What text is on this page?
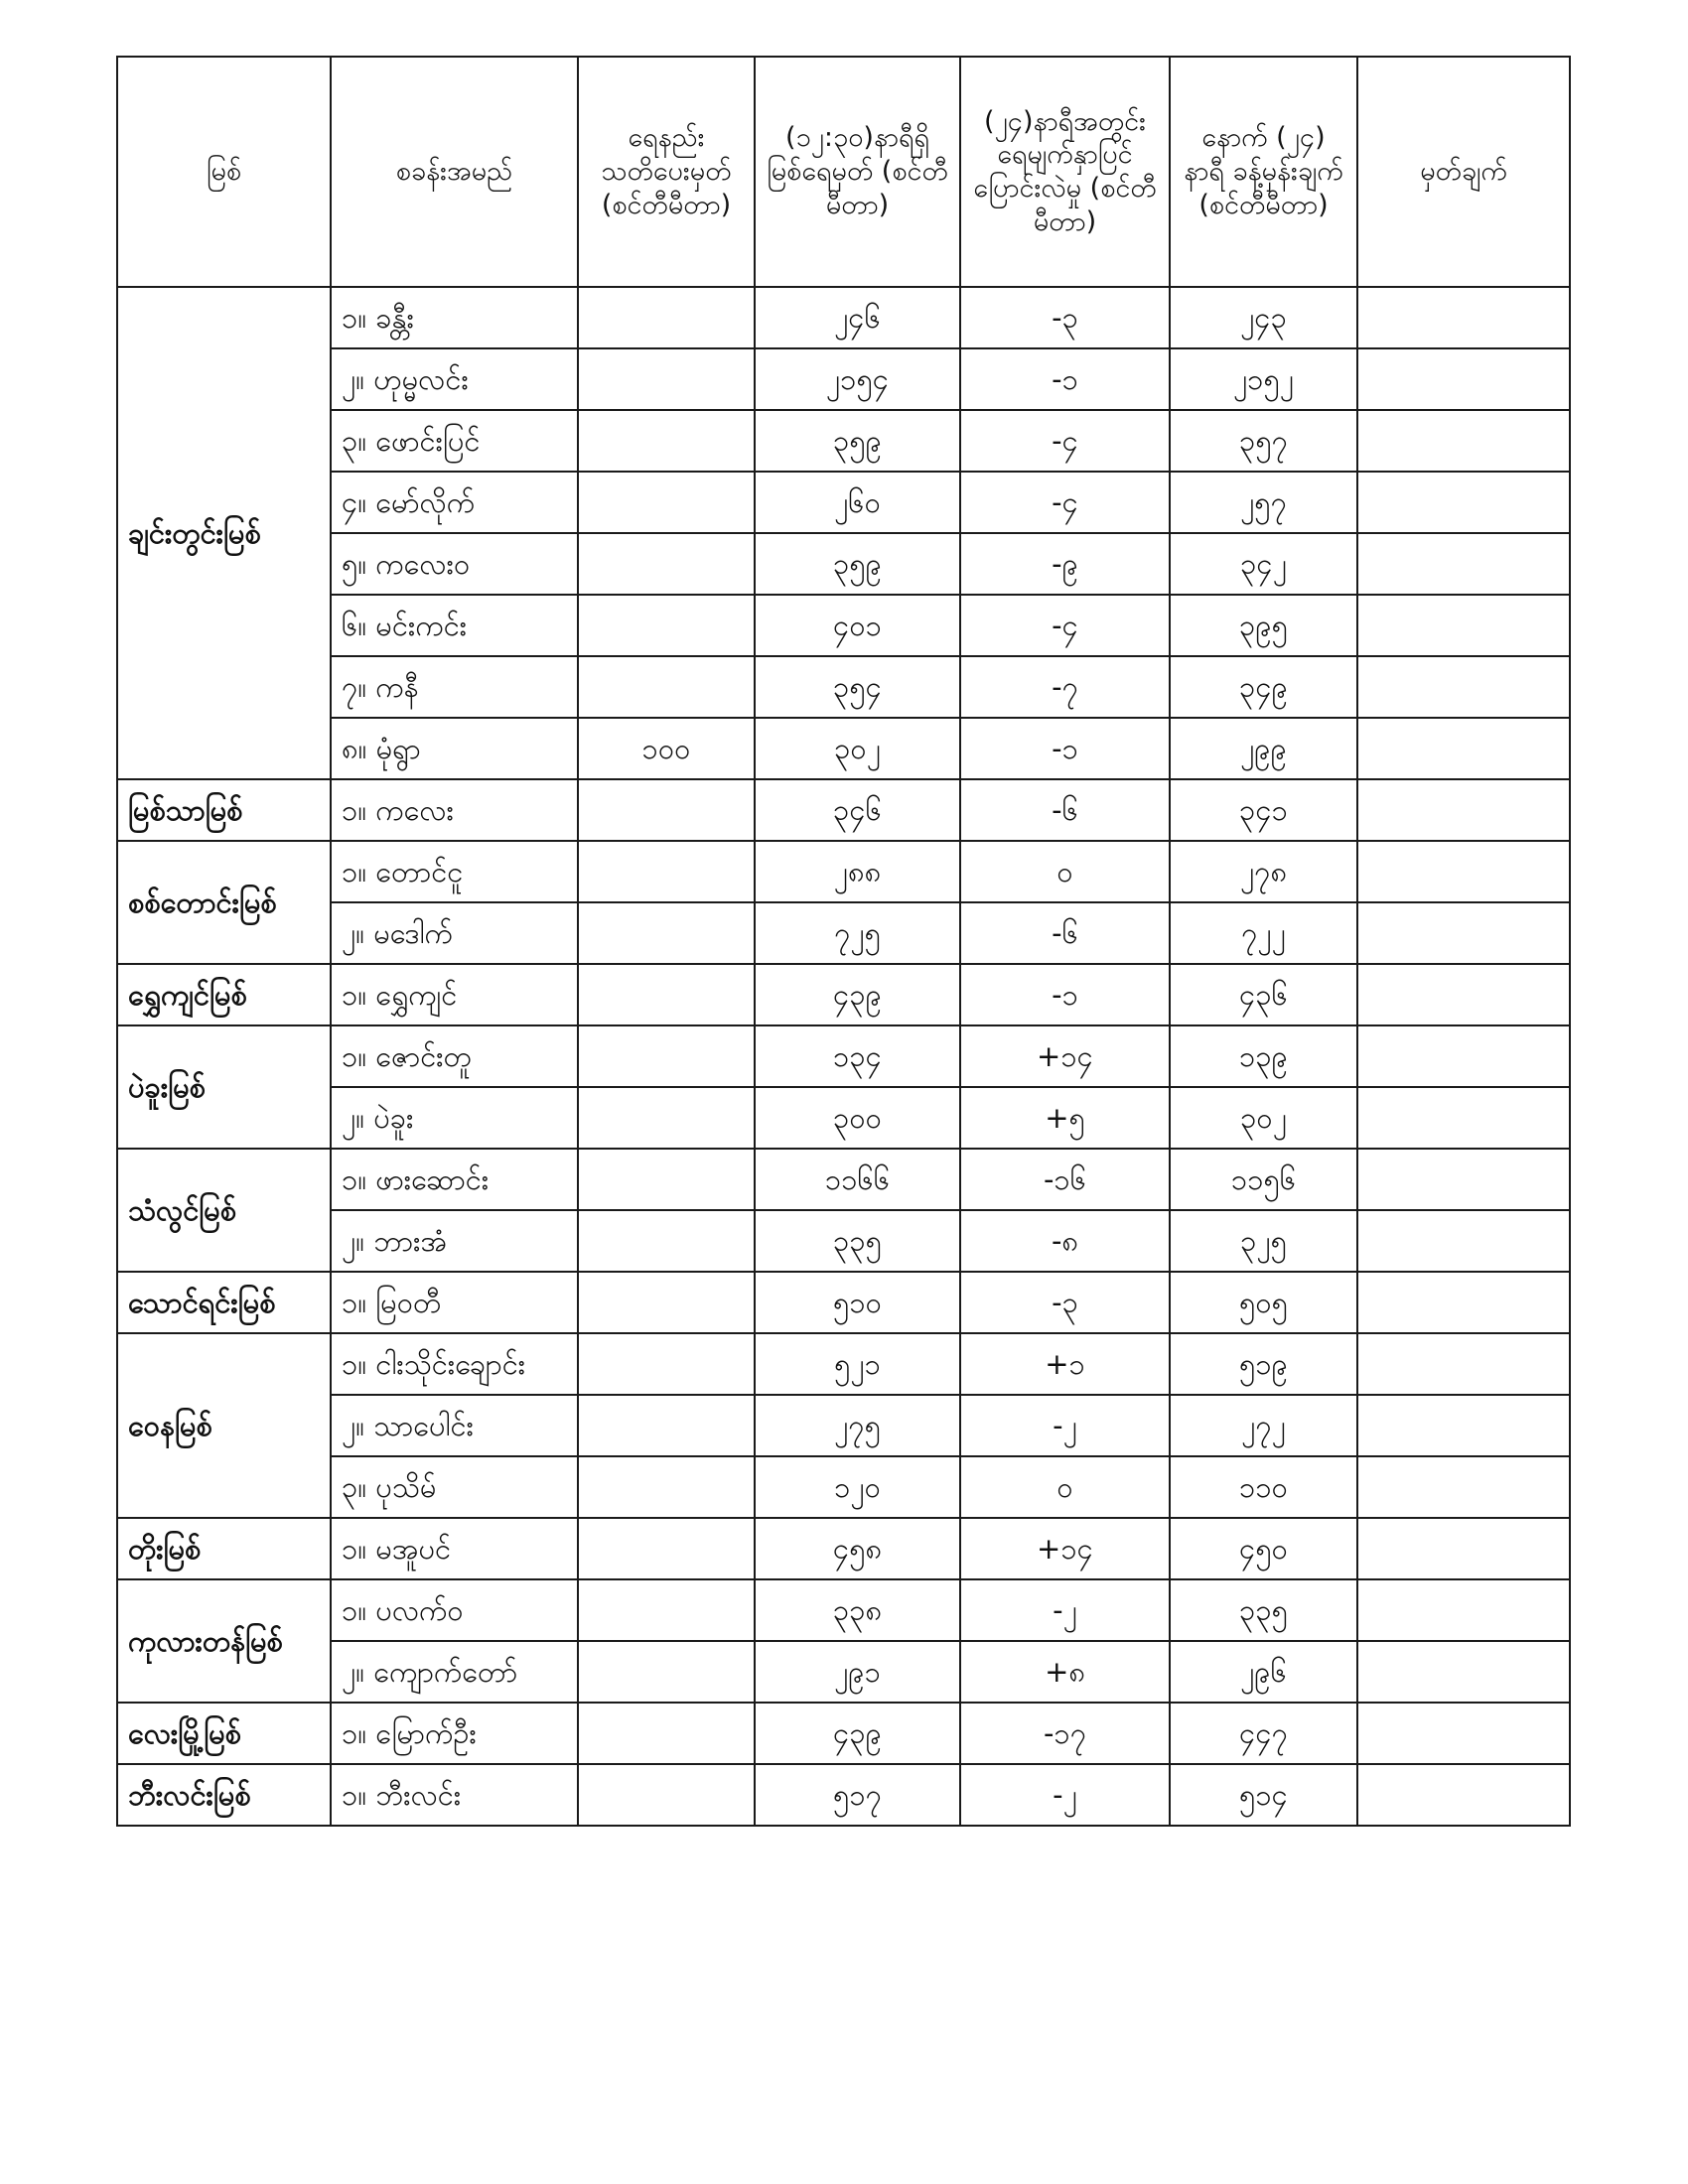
မြစ်	စခန်းအမည်	ရေနည်း သတိပေးမှတ် (စင်တီမီတာ)	(၁၂:၃၀)နာရီရှိ မြစ်ရေမှတ် (စင်တီမီတာ)	(၂၄)နာရီအတွင်း ရေမျက်နှာပြင် ပြောင်းလဲမှု (စင်တီမီတာ)	နောက် (၂၄) နာရီ ခန့်မှန်းချက် (စင်တီမီတာ)	မှတ်ချက်
ချင်းတွင်းမြစ်	၁။ ခန္တီး		၂၄၆	-၃	၂၄၃	
	၂။ ဟုမ္မလင်း		၂၁၅၄	-၁	၂၁၅၂	
	၃။ ဖောင်းပြင်		၃၅၉	-၄	၃၅၇	
	၄။ မော်လိုက်		၂၆၀	-၄	၂၅၇	
	၅။ ကလေးဝ		၃၅၉	-၉	၃၄၂	
	၆။ မင်းကင်း		၄၀၁	-၄	၃၉၅	
	၇။ ကနီ		၃၅၄	-၇	၃၄၉	
	၈။ မုံရွာ	၁၀၀	၃၀၂	-၁	၂၉၉	
မြစ်သာမြစ်	၁။ ကလေး		၃၄၆	-၆	၃၄၁	
စစ်တောင်းမြစ်	၁။ တောင်ငူ		၂၈၈	၀	၂၇၈	
	၂။ မဒေါက်		၇၂၅	-၆	၇၂၂	
ရွှေကျင်မြစ်	၁။ ရွှေကျင်		၄၃၉	-၁	၄၃၆	
ပဲခူးမြစ်	၁။ ဇောင်းတူ		၁၃၄	+၁၄	၁၃၉	
	၂။ ပဲခူး		၃၀၀	+၅	၃၀၂	
သံလွင်မြစ်	၁။ ဖားဆောင်း		၁၁၆၆	-၁၆	၁၁၅၆	
	၂။ ဘားအံ		၃၃၅	-၈	၃၂၅	
သောင်ရင်းမြစ်	၁။ မြဝတီ		၅၁၀	-၃	၅၀၅	
ဝေနမြစ်	၁။ ငါးသိုင်းချောင်း		၅၂၁	+၁	၅၁၉	
	၂။ သာပေါင်း		၂၇၅	-၂	၂၇၂	
	၃။ ပုသိမ်		၁၂၀	၀	၁၁၀	
တိုးမြစ်	၁။ မအူပင်		၄၅၈	+၁၄	၄၅၀	
ကုလားတန်မြစ်	၁။ ပလက်ဝ		၃၃၈	-၂	၃၃၅	
	၂။ ကျောက်တော်		၂၉၁	+၈	၂၉၆	
လေးမြို့မြစ်	၁။ မြောက်ဦး		၄၃၉	-၁၇	၄၄၇	
ဘီးလင်းမြစ်	၁။ ဘီးလင်း		၅၁၇	-၂	၅၁၄	
